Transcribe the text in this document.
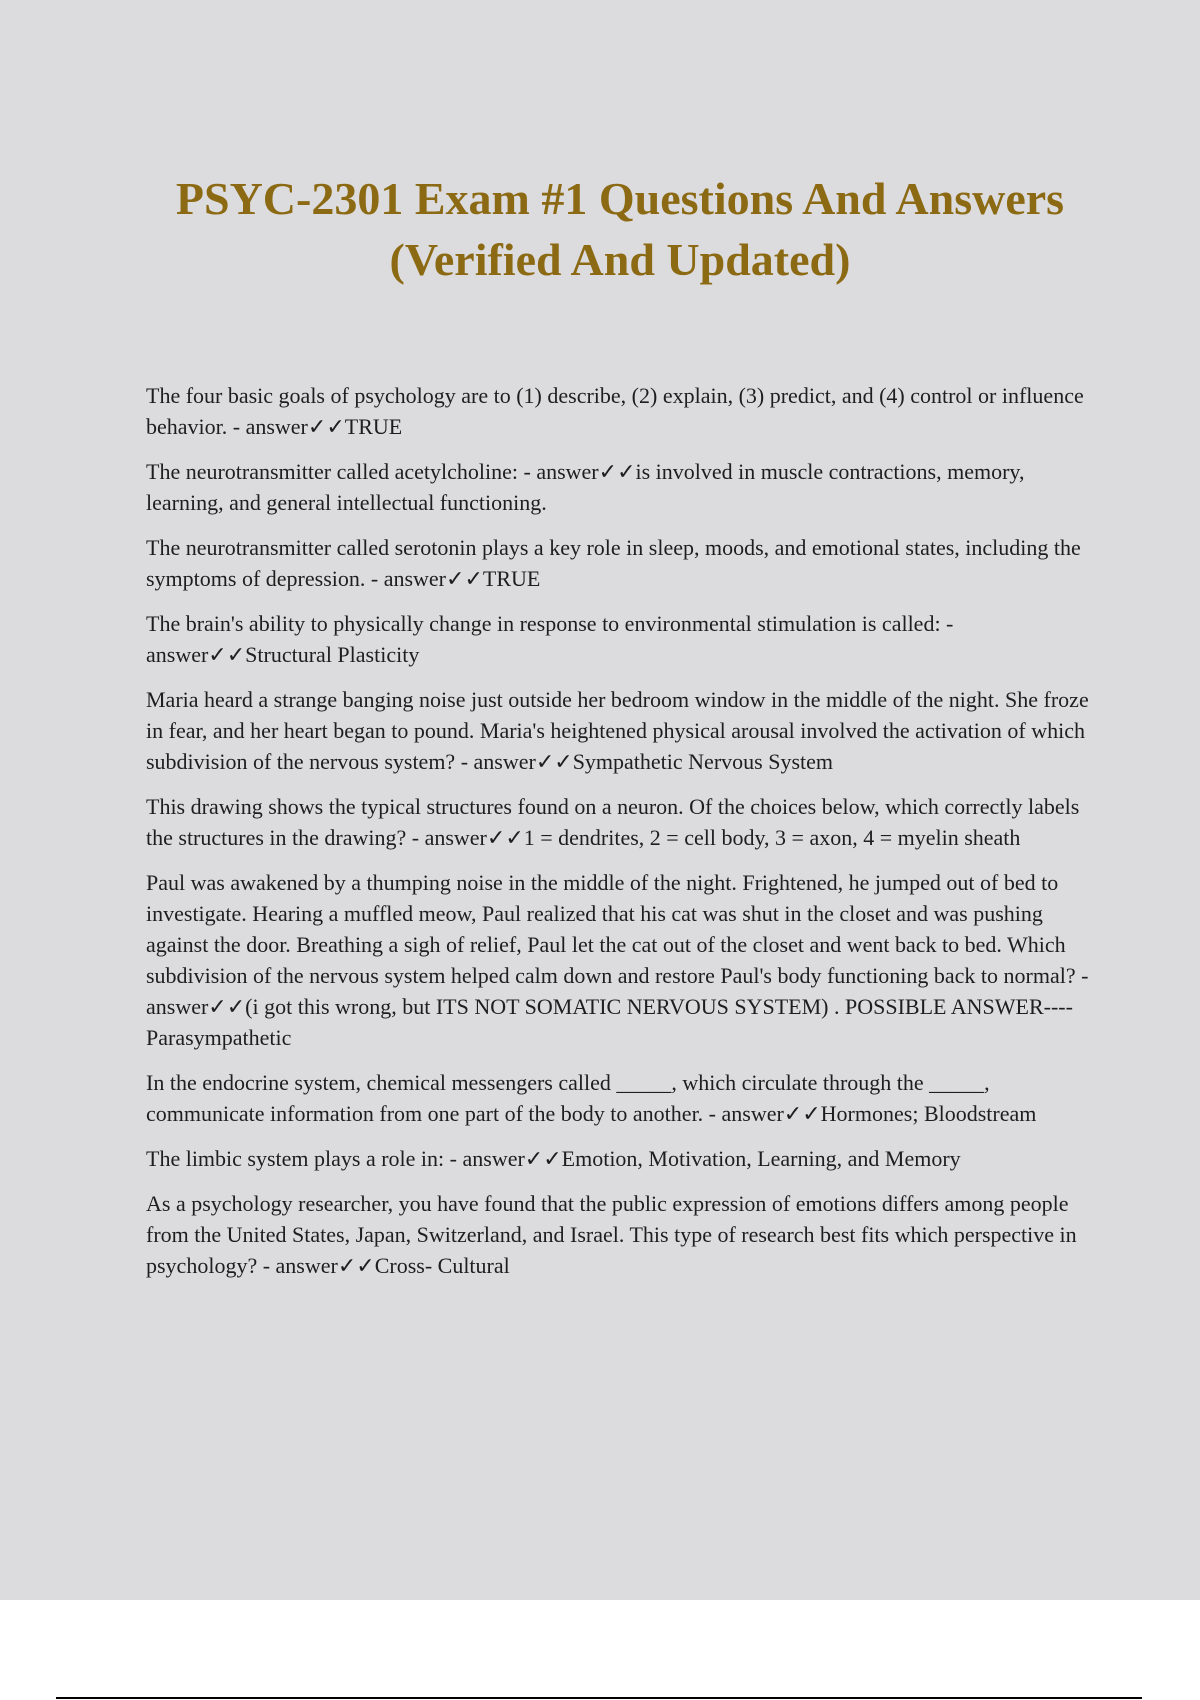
PSYC-2301 Exam #1 Questions And Answers
(Verified And Updated)

The four basic goals of psychology are to (1) describe, (2) explain, (3) predict, and (4) control or influence behavior. - answer✓✓TRUE

The neurotransmitter called acetylcholine: - answer✓✓is involved in muscle contractions, memory, learning, and general intellectual functioning.

The neurotransmitter called serotonin plays a key role in sleep, moods, and emotional states, including the symptoms of depression. - answer✓✓TRUE

The brain's ability to physically change in response to environmental stimulation is called: - answer✓✓Structural Plasticity

Maria heard a strange banging noise just outside her bedroom window in the middle of the night. She froze in fear, and her heart began to pound. Maria's heightened physical arousal involved the activation of which subdivision of the nervous system? - answer✓✓Sympathetic Nervous System

This drawing shows the typical structures found on a neuron. Of the choices below, which correctly labels the structures in the drawing? - answer✓✓1 = dendrites, 2 = cell body, 3 = axon, 4 = myelin sheath

Paul was awakened by a thumping noise in the middle of the night. Frightened, he jumped out of bed to investigate. Hearing a muffled meow, Paul realized that his cat was shut in the closet and was pushing against the door. Breathing a sigh of relief, Paul let the cat out of the closet and went back to bed. Which subdivision of the nervous system helped calm down and restore Paul's body functioning back to normal? - answer✓✓(i got this wrong, but ITS NOT SOMATIC NERVOUS SYSTEM) . POSSIBLE ANSWER---- Parasympathetic

In the endocrine system, chemical messengers called _____, which circulate through the _____, communicate information from one part of the body to another. - answer✓✓Hormones; Bloodstream

The limbic system plays a role in: - answer✓✓Emotion, Motivation, Learning, and Memory

As a psychology researcher, you have found that the public expression of emotions differs among people from the United States, Japan, Switzerland, and Israel. This type of research best fits which perspective in psychology? - answer✓✓Cross- Cultural
